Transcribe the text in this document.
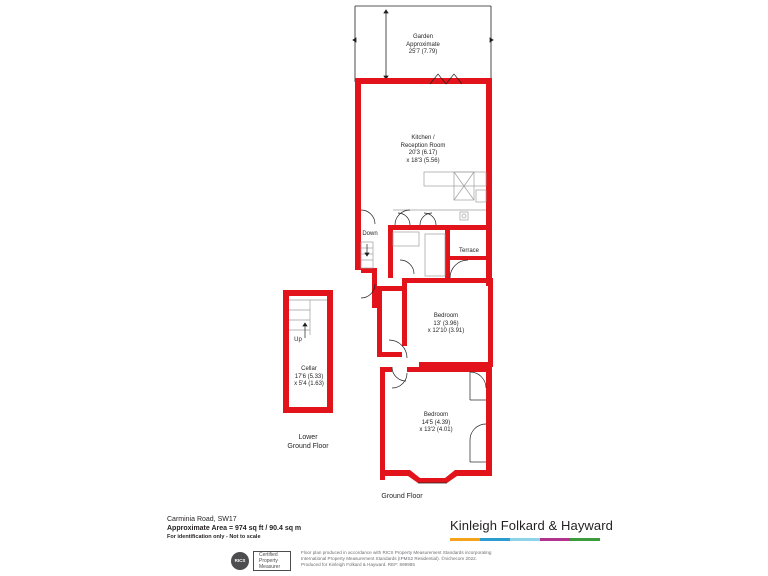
Garden
Approximate
25'7 (7.79)
Kitchen /
Reception Room
20'3 (6.17)
x 18'3 (5.56)
Down
Terrace
Bedroom
13' (3.96)
x 12'10 (3.91)
Bedroom
14'5 (4.39)
x 13'2 (4.01)
Up
Cellar
17'6 (5.33)
x 5'4 (1.63)
Lower
Ground Floor
Ground Floor
Carminia Road, SW17
Approximate Area = 974 sq ft / 90.4 sq m
For identification only - Not to scale
Kinleigh Folkard & Hayward
RICS
Certified
Property
Measurer
Floor plan produced in accordance with RICS Property Measurement Standards incorporating
International Property Measurement Standards (IPMS2 Residential). ©nichecom 2022.
Produced for Kinleigh Folkard & Hayward. REF: 899985
